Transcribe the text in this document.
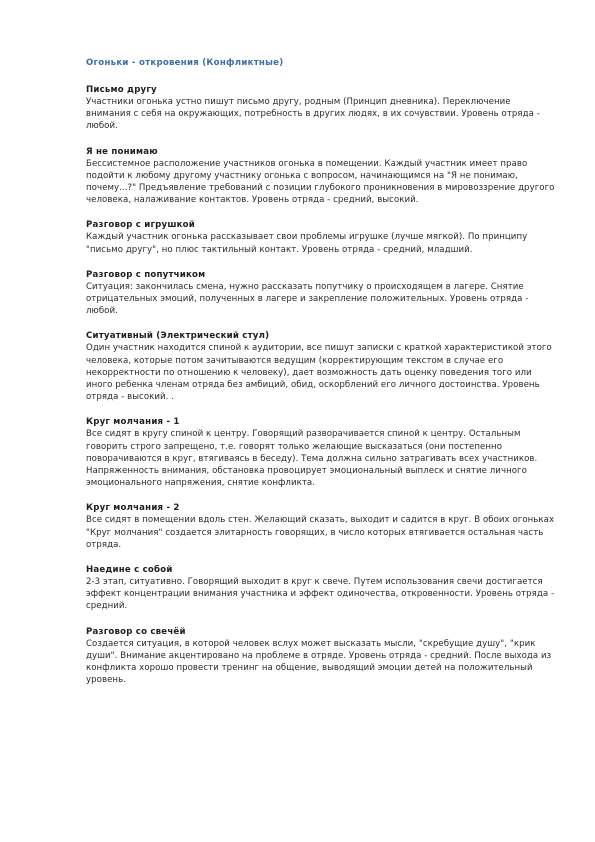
Огоньки - откровения (Конфликтные)
Письмо другу
Участники огонька устно пишут письмо другу, родным (Принцип дневника). Переключение внимания с себя на окружающих, потребность в других людях, в их сочувствии. Уровень отряда - любой.
Я не понимаю
Бессистемное расположение участников огонька в помещении. Каждый участник имеет право подойти к любому другому участнику огонька с вопросом, начинающимся на "Я не понимаю, почему...?" Предъявление требований с позиции глубокого проникновения в мировоззрение другого человека, налаживание контактов. Уровень отряда - средний, высокий.
Разговор с игрушкой
Каждый участник огонька рассказывает свои проблемы игрушке (лучше мягкой). По принципу "письмо другу", но плюс тактильный контакт. Уровень отряда - средний, младший.
Разговор с попутчиком
Ситуация: закончилась смена, нужно рассказать попутчику о происходящем в лагере. Снятие отрицательных эмоций, полученных в лагере и закрепление положительных. Уровень отряда - любой.
Ситуативный (Электрический стул)
Один участник находится спиной к аудитории, все пишут записки с краткой характеристикой этого человека, которые потом зачитываются ведущим (корректирующим текстом в случае его некорректности по отношению к человеку), дает возможность дать оценку поведения того или иного ребенка членам отряда без амбиций, обид, оскорблений его личного достоинства. Уровень отряда - высокий. .
Круг молчания - 1
Все сидят в кругу спиной к центру. Говорящий разворачивается спиной к центру. Остальным говорить строго запрещено, т.е. говорят только желающие высказаться (они постепенно поворачиваются в круг, втягиваясь в беседу). Тема должна сильно затрагивать всех участников. Напряженность внимания, обстановка провоцирует эмоциональный выплеск и снятие личного эмоционального напряжения, снятие конфликта.
Круг молчания - 2
Все сидят в помещении вдоль стен. Желающий сказать, выходит и садится в круг. В обоих огоньках "Круг молчания" создается элитарность говорящих, в число которых втягивается остальная часть отряда.
Наедине с собой
2-3 этап, ситуативно. Говорящий выходит в круг к свече. Путем использования свечи достигается эффект концентрации внимания участника и эффект одиночества, откровенности. Уровень отряда - средний.
Разговор со свечёй
Создается ситуация, в которой человек вслух может высказать мысли, "скребущие душу", "крик души". Внимание акцентировано на проблеме в отряде. Уровень отряда - средний. После выхода из конфликта хорошо провести тренинг на общение, выводящий эмоции детей на положительный уровень.
